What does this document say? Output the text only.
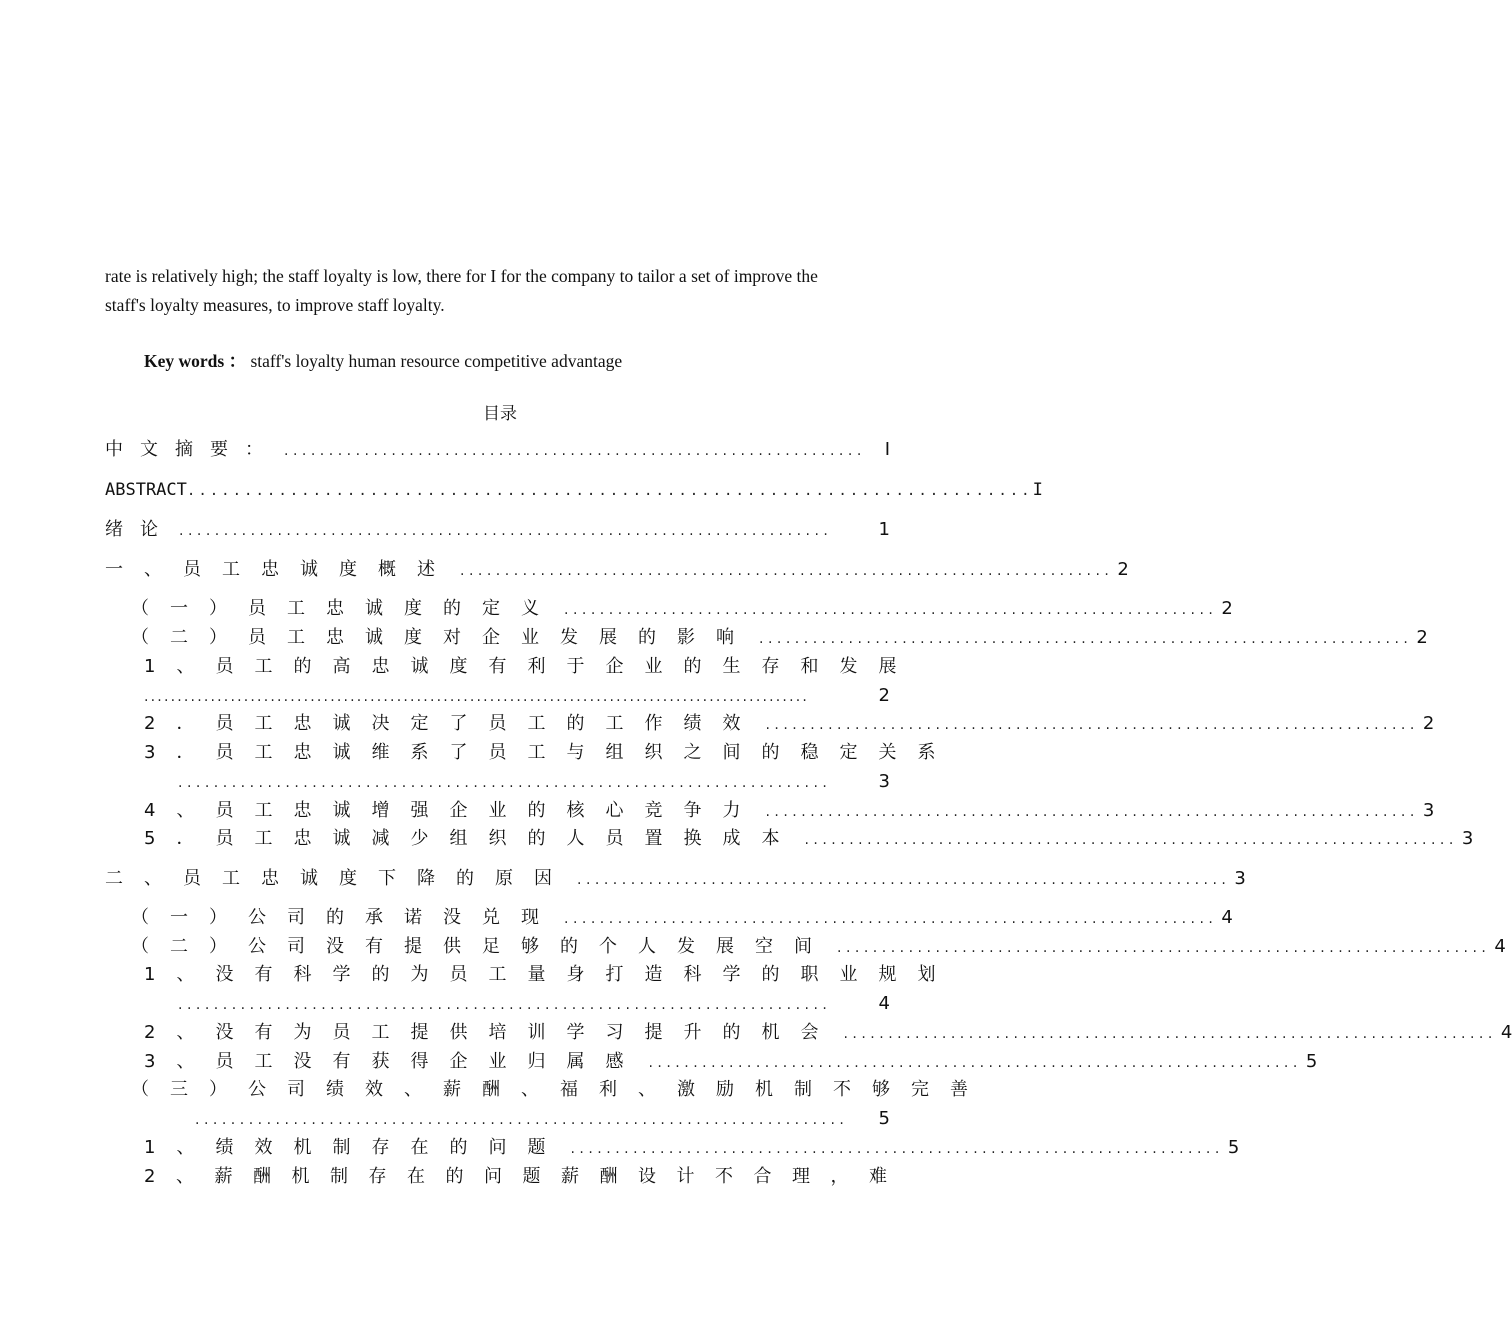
rate is relatively high; the staff loyalty is low, there for I for the company to tailor a set of improve the
staff's loyalty measures, to improve staff loyalty.
Key words ： staff's loyalty human resource competitive advantage
目录
中文摘要： .................................................................	I
ABSTRACT .......................................................................... I
绪论 .........................................................................	1
一、员工忠诚度概述 ......................................................................... 2
（一）员工忠诚度的定义 ......................................................................... 2
（二）员工忠诚度对企业发展的影响 ......................................................................... 2
1、员工的高忠诚度有利于企业的生存和发展
....................................................................................................	2
2．员工忠诚决定了员工的工作绩效 ......................................................................... 2
3．员工忠诚维系了员工与组织之间的稳定关系
.........................................................................	3
4、员工忠诚增强企业的核心竞争力 ......................................................................... 3
5．员工忠诚减少组织的人员置换成本 ......................................................................... 3
二、员工忠诚度下降的原因 ......................................................................... 3
（一）公司的承诺没兑现 ......................................................................... 4
（二）公司没有提供足够的个人发展空间 ......................................................................... 4
1、没有科学的为员工量身打造科学的职业规划
.........................................................................	4
2、没有为员工提供培训学习提升的机会 ......................................................................... 4
3、员工没有获得企业归属感 ......................................................................... 5
（三）公司绩效、薪酬、福利、激励机制不够完善
.........................................................................	5
1、绩效机制存在的问题 ......................................................................... 5
2、薪酬机制存在的问题薪酬设计不合理，难
